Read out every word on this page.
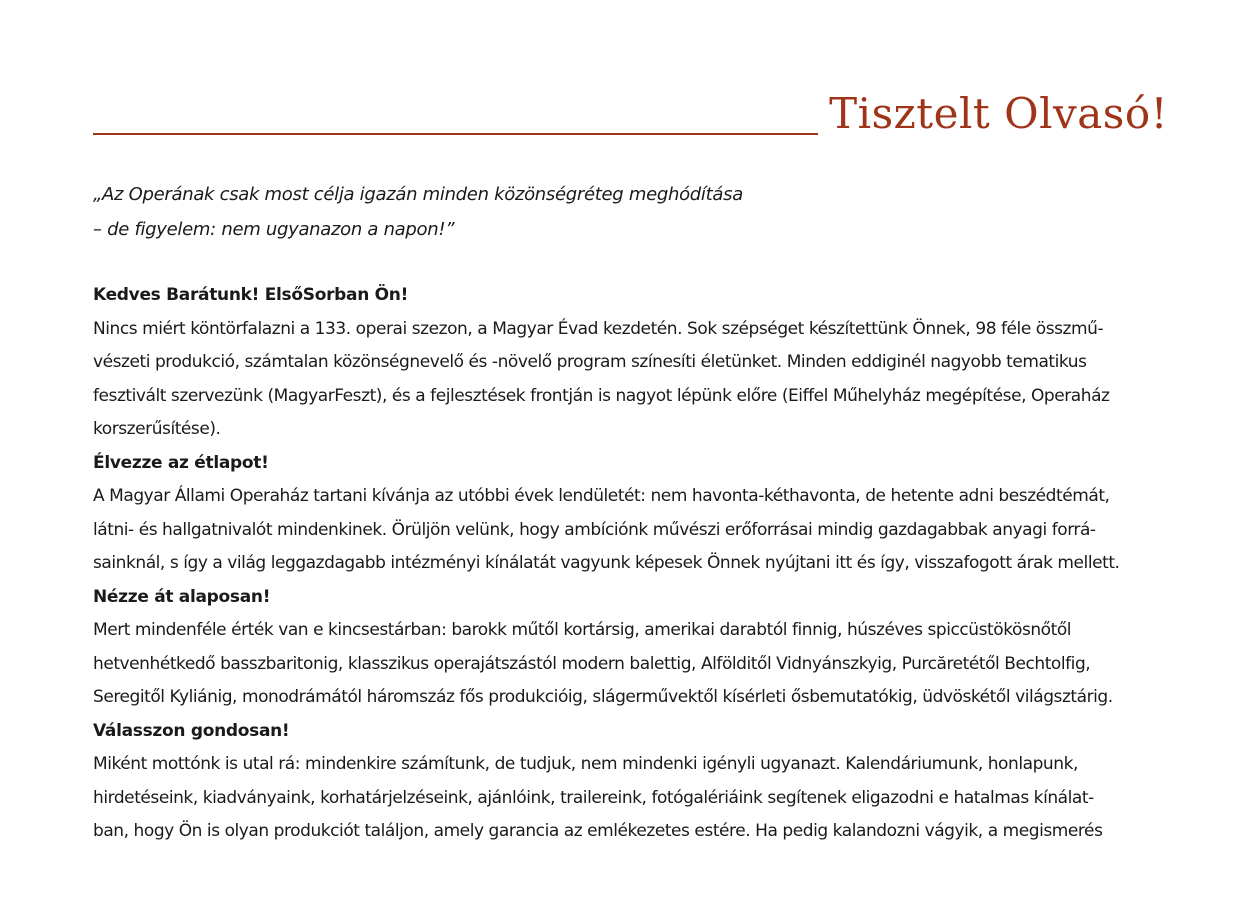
Tisztelt Olvasó!
„Az Operának csak most célja igazán minden közönségréteg meghódítása
– de figyelem: nem ugyanazon a napon!”
Kedves Barátunk! ElsőSorban Ön!
Nincs miért köntörfalazni a 133. operai szezon, a Magyar Évad kezdetén. Sok szépséget készítettünk Önnek, 98 féle összmű-
vészeti produkció, számtalan közönségnevelő és -növelő program színesíti életünket. Minden eddiginél nagyobb tematikus
fesztivált szervezünk (MagyarFeszt), és a fejlesztések frontján is nagyot lépünk előre (Eiffel Műhelyház megépítése, Operaház
korszerűsítése).
Élvezze az étlapot!
A Magyar Állami Operaház tartani kívánja az utóbbi évek lendületét: nem havonta-kéthavonta, de hetente adni beszédtémát,
látni- és hallgatnivalót mindenkinek. Örüljön velünk, hogy ambíciónk művészi erőforrásai mindig gazdagabbak anyagi forrá-
sainknál, s így a világ leggazdagabb intézményi kínálatát vagyunk képesek Önnek nyújtani itt és így, visszafogott árak mellett.
Nézze át alaposan!
Mert mindenféle érték van e kincsestárban: barokk műtől kortársig, amerikai darabtól finnig, húszéves spiccüstökösnőtől
hetvenhétkedő basszbaritonig, klasszikus operajátszástól modern balettig, Alfölditől Vidnyánszkyig, Purcăretétől Bechtolfig,
Seregitől Kyliánig, monodrámától háromszáz fős produkcióig, slágerművektől kísérleti ősbemutatókig, üdvöskétől világsztárig.
Válasszon gondosan!
Miként mottónk is utal rá: mindenkire számítunk, de tudjuk, nem mindenki igényli ugyanazt. Kalendáriumunk, honlapunk,
hirdetéseink, kiadványaink, korhatárjelzéseink, ajánlóink, trailereink, fotógalériáink segítenek eligazodni e hatalmas kínálat-
ban, hogy Ön is olyan produkciót találjon, amely garancia az emlékezetes estére. Ha pedig kalandozni vágyik, a megismerés
